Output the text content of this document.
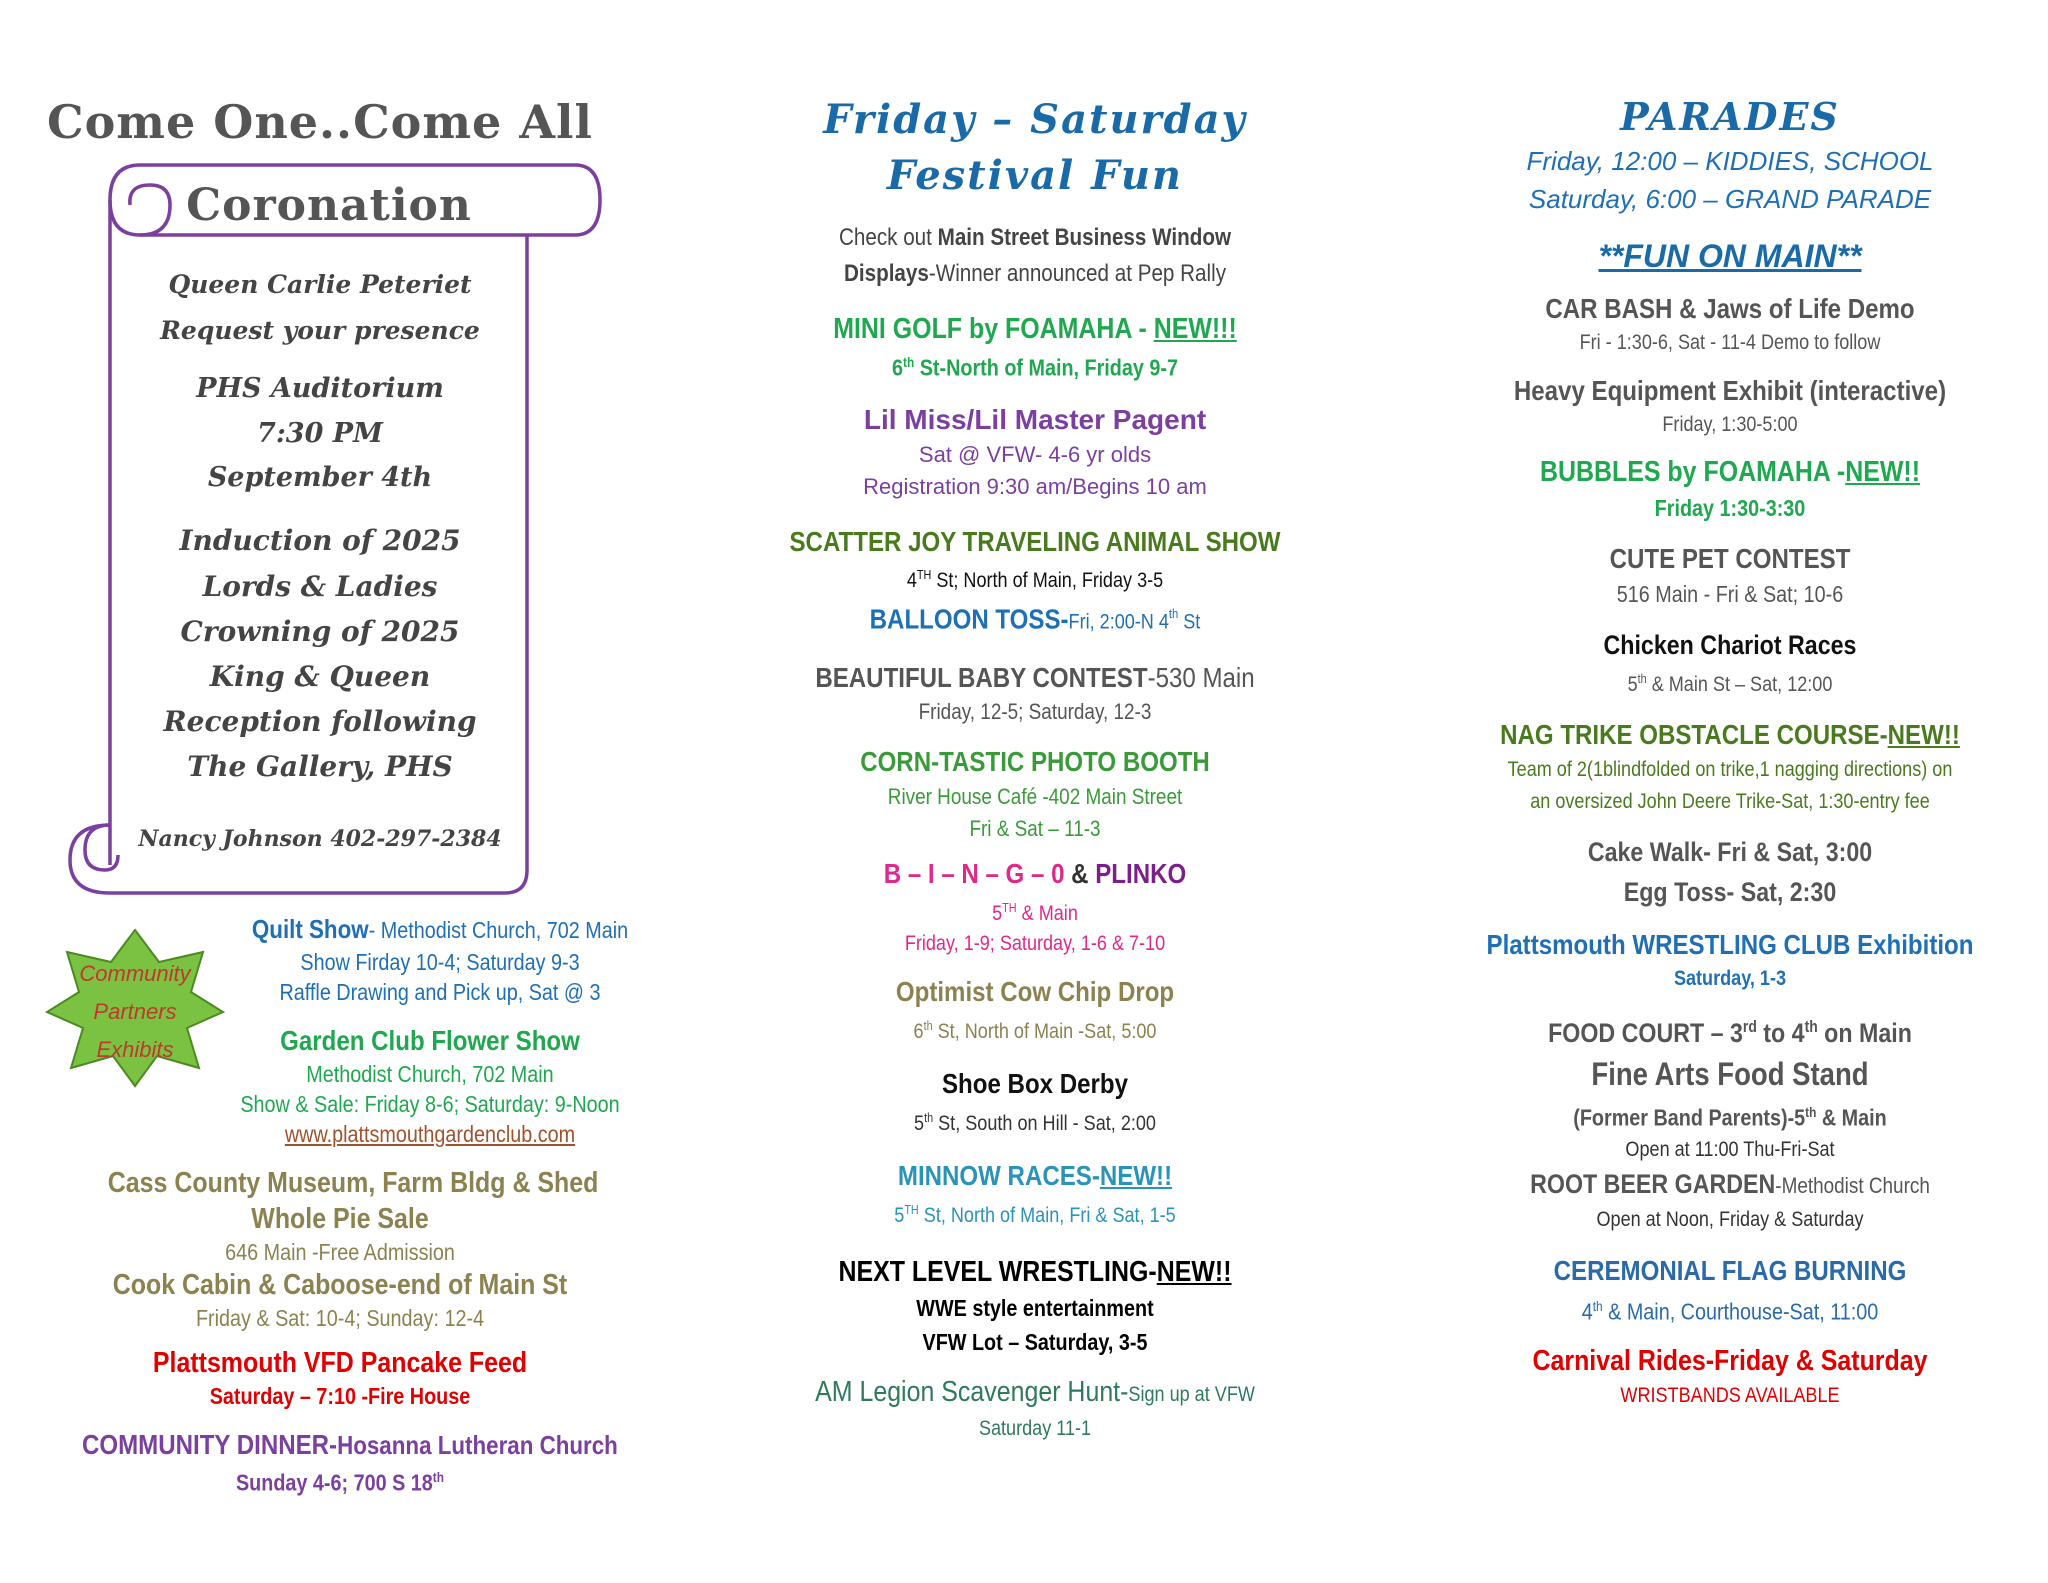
Come One..Come All
Coronation
Queen Carlie Peteriet
Request your presence
PHS Auditorium
7:30 PM
September 4th
Induction of 2025
Lords & Ladies
Crowning of 2025
King & Queen
Reception following
The Gallery, PHS
Nancy Johnson 402-297-2384
Community
Partners
Exhibits
Quilt Show- Methodist Church, 702 Main
Show Firday 10-4; Saturday 9-3
Raffle Drawing and Pick up, Sat @ 3
Garden Club Flower Show
Methodist Church, 702 Main
Show & Sale: Friday 8-6; Saturday: 9-Noon
www.plattsmouthgardenclub.com
Cass County Museum, Farm Bldg & Shed
Whole Pie Sale
646 Main -Free Admission
Cook Cabin & Caboose-end of Main St
Friday & Sat: 10-4; Sunday: 12-4
Plattsmouth VFD Pancake Feed
Saturday – 7:10 -Fire House
COMMUNITY DINNER-Hosanna Lutheran Church
Sunday 4-6; 700 S 18th
Friday – Saturday
Festival Fun
Check out Main Street Business Window
Displays-Winner announced at Pep Rally
MINI GOLF by FOAMAHA - NEW!!!
6th St-North of Main, Friday 9-7
Lil Miss/Lil Master Pagent
Sat @ VFW- 4-6 yr olds
Registration 9:30 am/Begins 10 am
SCATTER JOY TRAVELING ANIMAL SHOW
4TH St; North of Main, Friday 3-5
BALLOON TOSS-Fri, 2:00-N 4th St
BEAUTIFUL BABY CONTEST-530 Main
Friday, 12-5; Saturday, 12-3
CORN-TASTIC PHOTO BOOTH
River House Café -402 Main Street
Fri & Sat – 11-3
B – I – N – G – 0 & PLINKO
5TH & Main
Friday, 1-9; Saturday, 1-6 & 7-10
Optimist Cow Chip Drop
6th St, North of Main -Sat, 5:00
Shoe Box Derby
5th St, South on Hill - Sat, 2:00
MINNOW RACES-NEW!!
5TH St, North of Main, Fri & Sat, 1-5
NEXT LEVEL WRESTLING-NEW!!
WWE style entertainment
VFW Lot – Saturday, 3-5
AM Legion Scavenger Hunt-Sign up at VFW
Saturday 11-1
PARADES
Friday, 12:00 – KIDDIES, SCHOOL
Saturday, 6:00 – GRAND PARADE
**FUN ON MAIN**
CAR BASH & Jaws of Life Demo
Fri - 1:30-6, Sat - 11-4 Demo to follow
Heavy Equipment Exhibit (interactive)
Friday, 1:30-5:00
BUBBLES by FOAMAHA -NEW!!
Friday 1:30-3:30
CUTE PET CONTEST
516 Main - Fri & Sat; 10-6
Chicken Chariot Races
5th & Main St – Sat, 12:00
NAG TRIKE OBSTACLE COURSE-NEW!!
Team of 2(1blindfolded on trike,1 nagging directions) on
an oversized John Deere Trike-Sat, 1:30-entry fee
Cake Walk- Fri & Sat, 3:00
Egg Toss- Sat, 2:30
Plattsmouth WRESTLING CLUB Exhibition
Saturday, 1-3
FOOD COURT – 3rd to 4th on Main
Fine Arts Food Stand
(Former Band Parents)-5th & Main
Open at 11:00 Thu-Fri-Sat
ROOT BEER GARDEN-Methodist Church
Open at Noon, Friday & Saturday
CEREMONIAL FLAG BURNING
4th & Main, Courthouse-Sat, 11:00
Carnival Rides-Friday & Saturday
WRISTBANDS AVAILABLE
